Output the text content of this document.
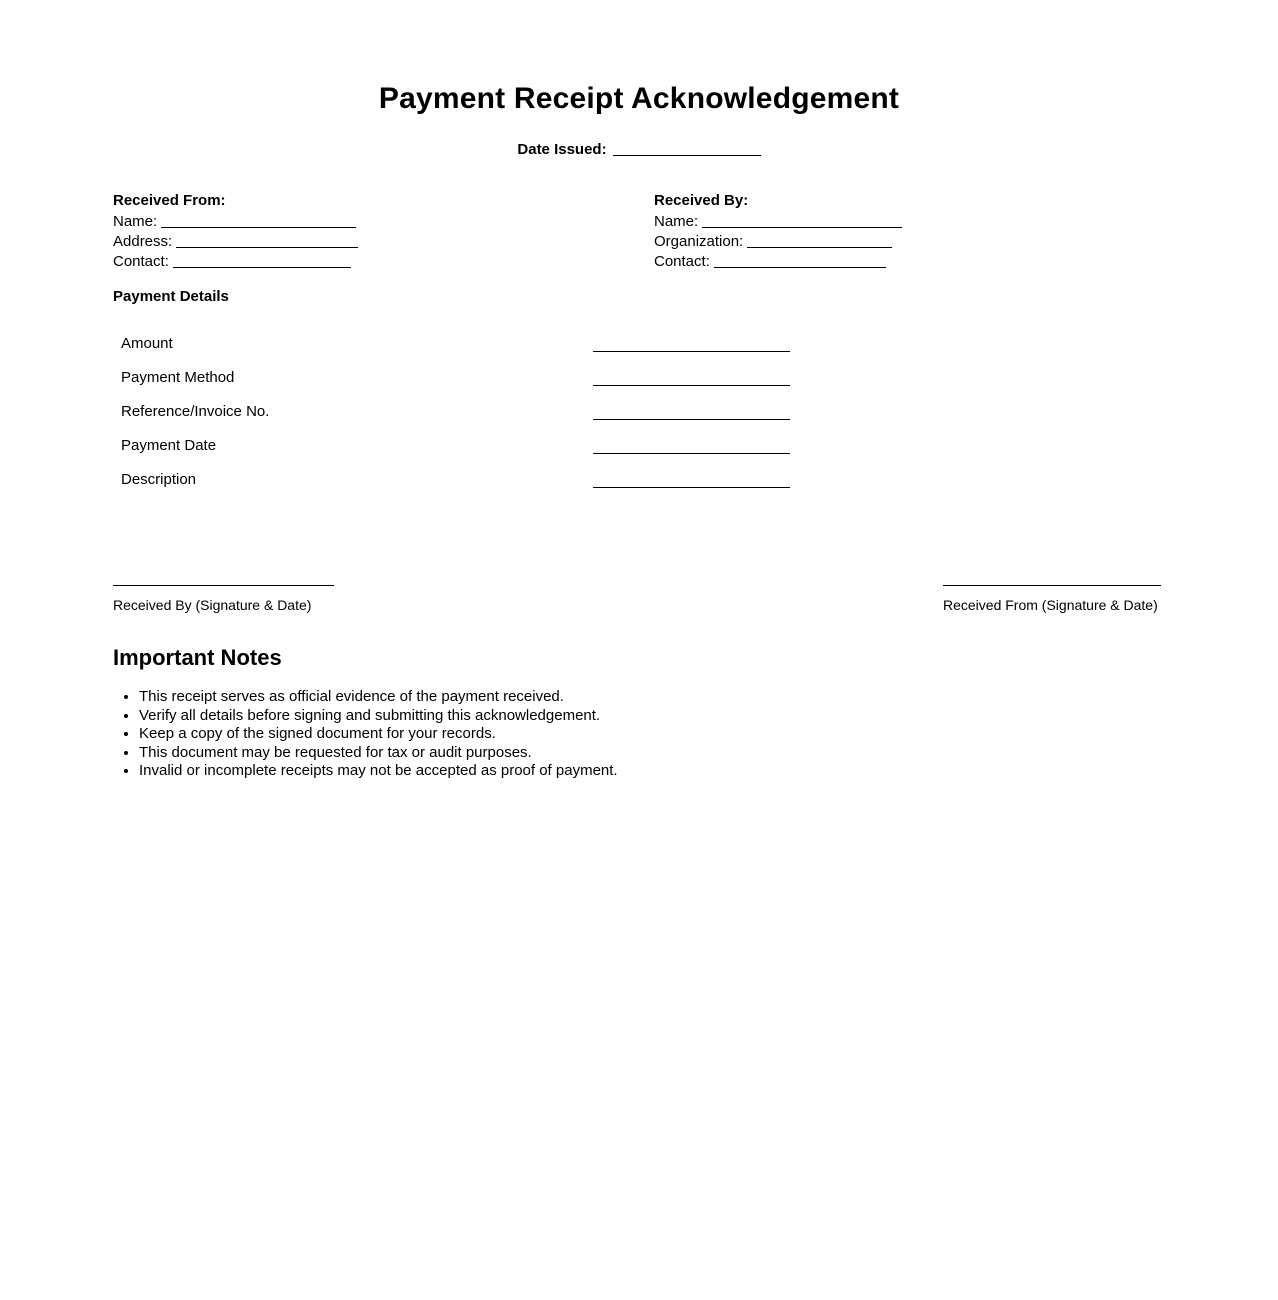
Payment Receipt Acknowledgement
Date Issued:
Received From:
Name:
Address:
Contact:
Received By:
Name:
Organization:
Contact:
Payment Details
Amount	

Payment Method	

Reference/Invoice No.	

Payment Date	

Description	
Received By (Signature & Date)	Received From (Signature & Date)
Important Notes
• This receipt serves as official evidence of the payment received.
• Verify all details before signing and submitting this acknowledgement.
• Keep a copy of the signed document for your records.
• This document may be requested for tax or audit purposes.
• Invalid or incomplete receipts may not be accepted as proof of payment.
